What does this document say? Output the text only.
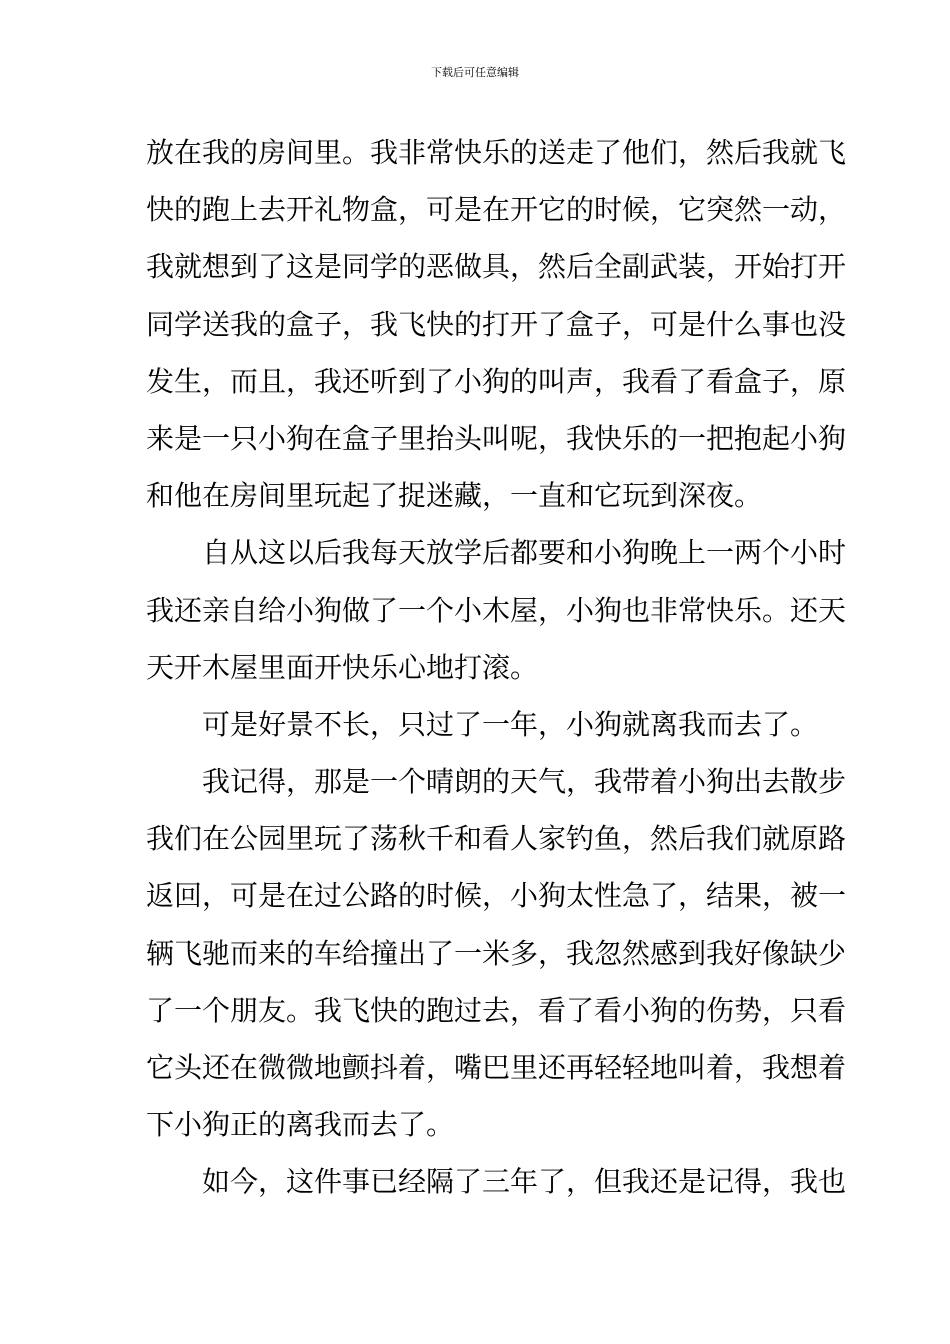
下载后可任意编辑
放在我的房间里。我非常快乐的送走了他们，然后我就飞
快的跑上去开礼物盒，可是在开它的时候，它突然一动，
我就想到了这是同学的恶做具，然后全副武装，开始打开
同学送我的盒子，我飞快的打开了盒子，可是什么事也没
发生，而且，我还听到了小狗的叫声，我看了看盒子，原
来是一只小狗在盒子里抬头叫呢，我快乐的一把抱起小狗
和他在房间里玩起了捉迷藏，一直和它玩到深夜。
自从这以后我每天放学后都要和小狗晚上一两个小时
我还亲自给小狗做了一个小木屋，小狗也非常快乐。还天
天开木屋里面开快乐心地打滚。
可是好景不长，只过了一年，小狗就离我而去了。
我记得，那是一个晴朗的天气，我带着小狗出去散步
我们在公园里玩了荡秋千和看人家钓鱼，然后我们就原路
返回，可是在过公路的时候，小狗太性急了，结果，被一
辆飞驰而来的车给撞出了一米多，我忽然感到我好像缺少
了一个朋友。我飞快的跑过去，看了看小狗的伤势，只看
它头还在微微地颤抖着，嘴巴里还再轻轻地叫着，我想着
下小狗正的离我而去了。
如今，这件事已经隔了三年了，但我还是记得，我也
